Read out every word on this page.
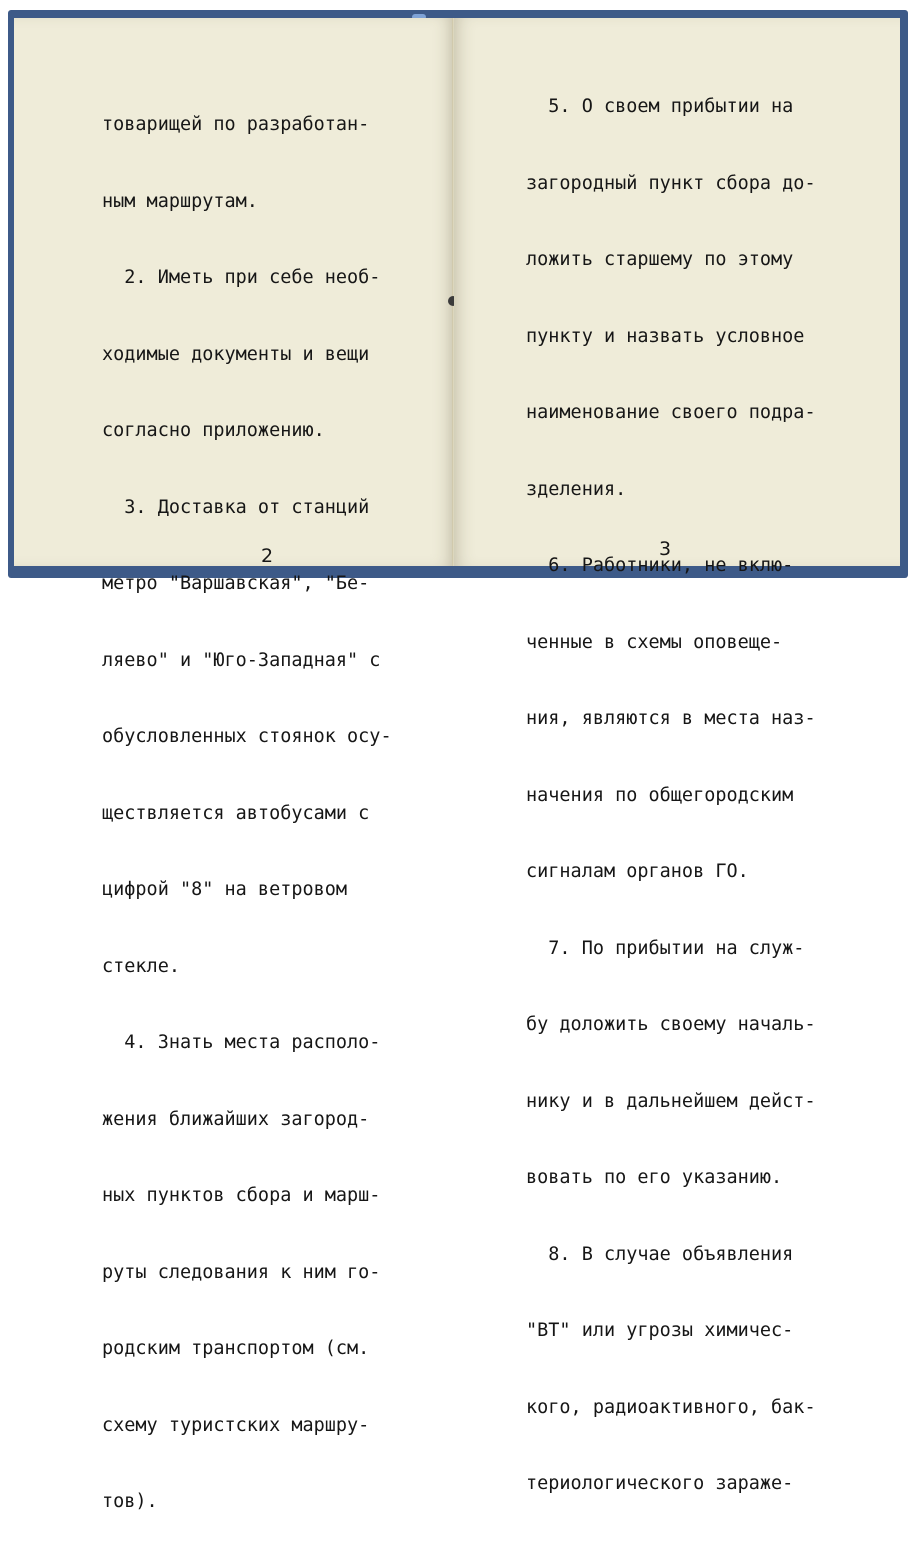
товарищей по разработан-

ным маршрутам.

2. Иметь при себе необ-

ходимые документы и вещи

согласно приложению.

3. Доставка от станций

метро "Варшавская", "Бе-

ляево" и "Юго-Западная" с

обусловленных стоянок осу-

ществляется автобусами с

цифрой "8" на ветровом

стекле.

4. Знать места располо-

жения ближайших загород-

ных пунктов сбора и марш-

руты следования к ним го-

родским транспортом (см.

схему туристских маршру-

тов).

2

5. О своем прибытии на

загородный пункт сбора до-

ложить старшему по этому

пункту и назвать условное

наименование своего подра-

зделения.

6. Работники, не вклю-

ченные в схемы оповеще-

ния, являются в места наз-

начения по общегородским

сигналам органов ГО.

7. По прибытии на служ-

бу доложить своему началь-

нику и в дальнейшем дейст-

вовать по его указанию.

8. В случае объявления

"ВТ" или угрозы химичес-

кого, радиоактивного, бак-

териологического зараже-

3
